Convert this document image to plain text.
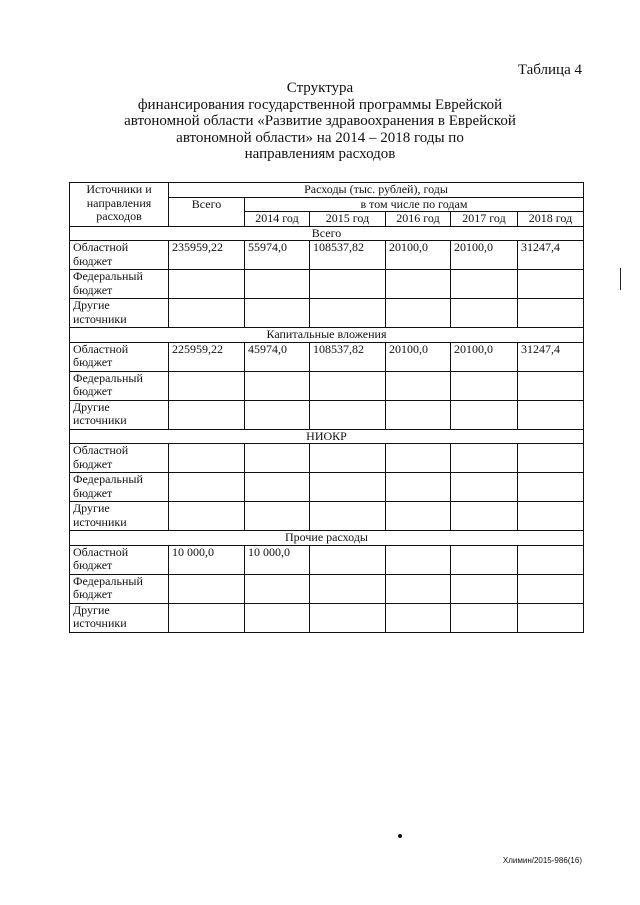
Таблица 4
Структура
финансирования государственной программы Еврейской
автономной области «Развитие здравоохранения в Еврейской
автономной области» на 2014 – 2018 годы по
направлениям расходов
Источники и направления расходов	Расходы (тыс. рублей), годы					
	Всего	в том числе по годам				
		2014 год	2015 год	2016 год	2017 год	2018 год
Всего						
Областной бюджет	235959,22	55974,0	108537,82	20100,0	20100,0	31247,4
Федеральный бюджет						
Другие источники						
Капитальные вложения						
Областной бюджет	225959,22	45974,0	108537,82	20100,0	20100,0	31247,4
Федеральный бюджет						
Другие источники						
НИОКР						
Областной бюджет						
Федеральный бюджет						
Другие источники						
Прочие расходы						
Областной бюджет	10 000,0	10 000,0				
Федеральный бюджет						
Другие источники						
Хлимин/2015-986(16)
